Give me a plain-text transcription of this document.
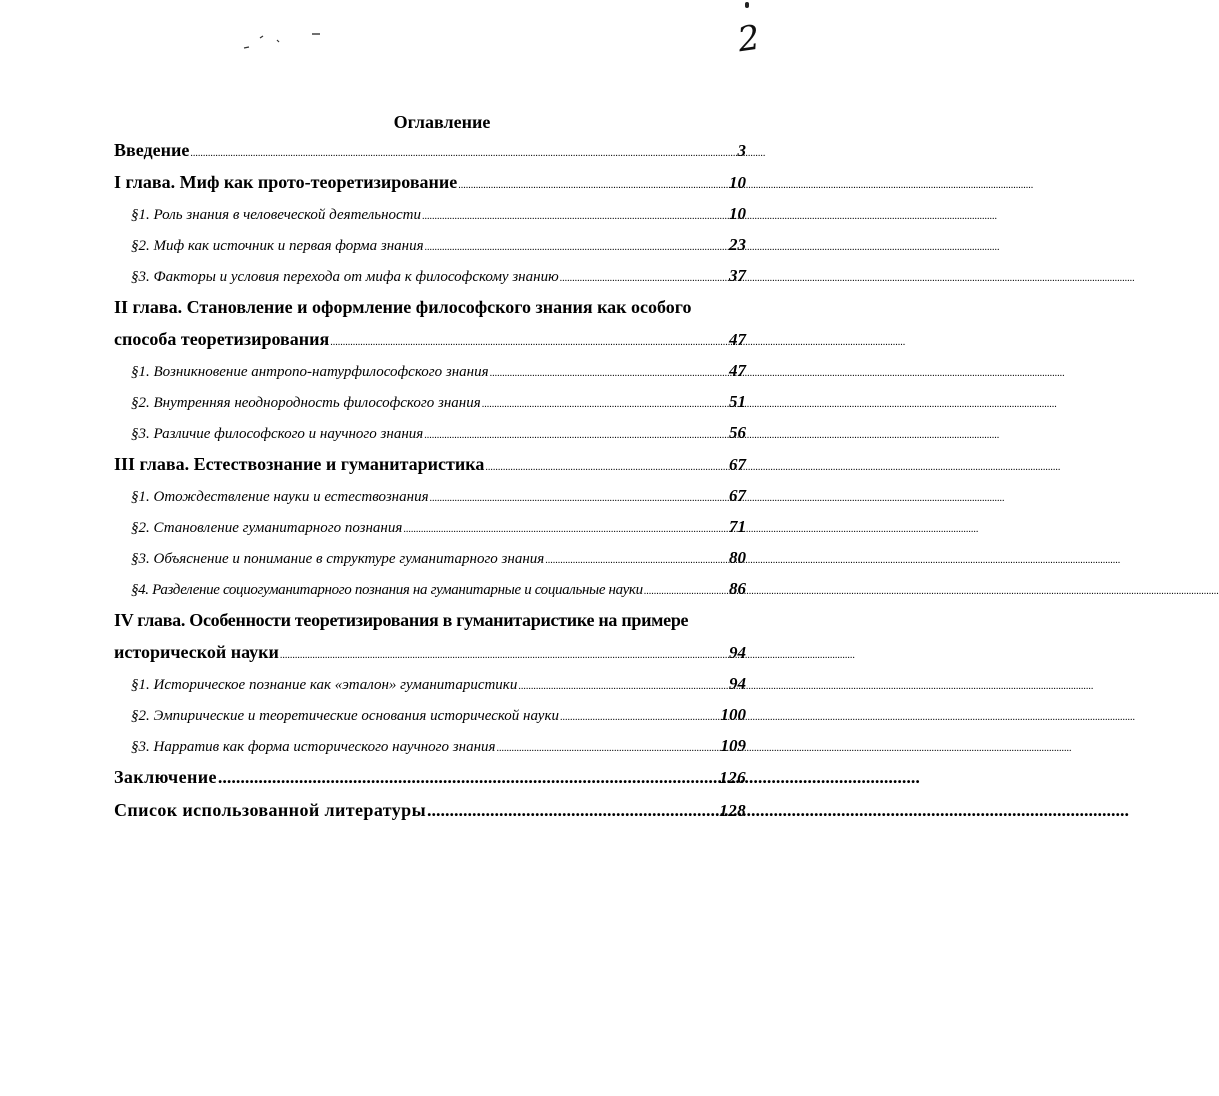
2
Оглавление
Введение .....	3
I глава. Миф как прото-теоретизирование .....	10
§1. Роль знания в человеческой деятельности .....	10
§2. Миф как источник и первая форма знания .....	23
§3. Факторы и условия перехода от мифа к философскому знанию .....	37
II глава. Становление и оформление философского знания как особого
способа теоретизирования .....	47
§1. Возникновение антропо-натурфилософского знания .....	47
§2. Внутренняя неоднородность философского знания .....	51
§3. Различие философского и научного знания .....	56
III глава. Естествознание и гуманитаристика .....	67
§1. Отождествление науки и естествознания .....	67
§2. Становление гуманитарного познания .....	71
§3. Объяснение и понимание в структуре гуманитарного знания .....	80
§4. Разделение социогуманитарного познания на гуманитарные и социальные науки .....	86
IV глава. Особенности теоретизирования в гуманитаристике на примере
исторической науки .....	94
§1. Историческое познание как «эталон» гуманитаристики .....	94
§2. Эмпирические и теоретические основания исторической науки .....	100
§3. Нарратив как форма исторического научного знания .....	109
Заключение .....	126
Список использованной литературы .....	128
